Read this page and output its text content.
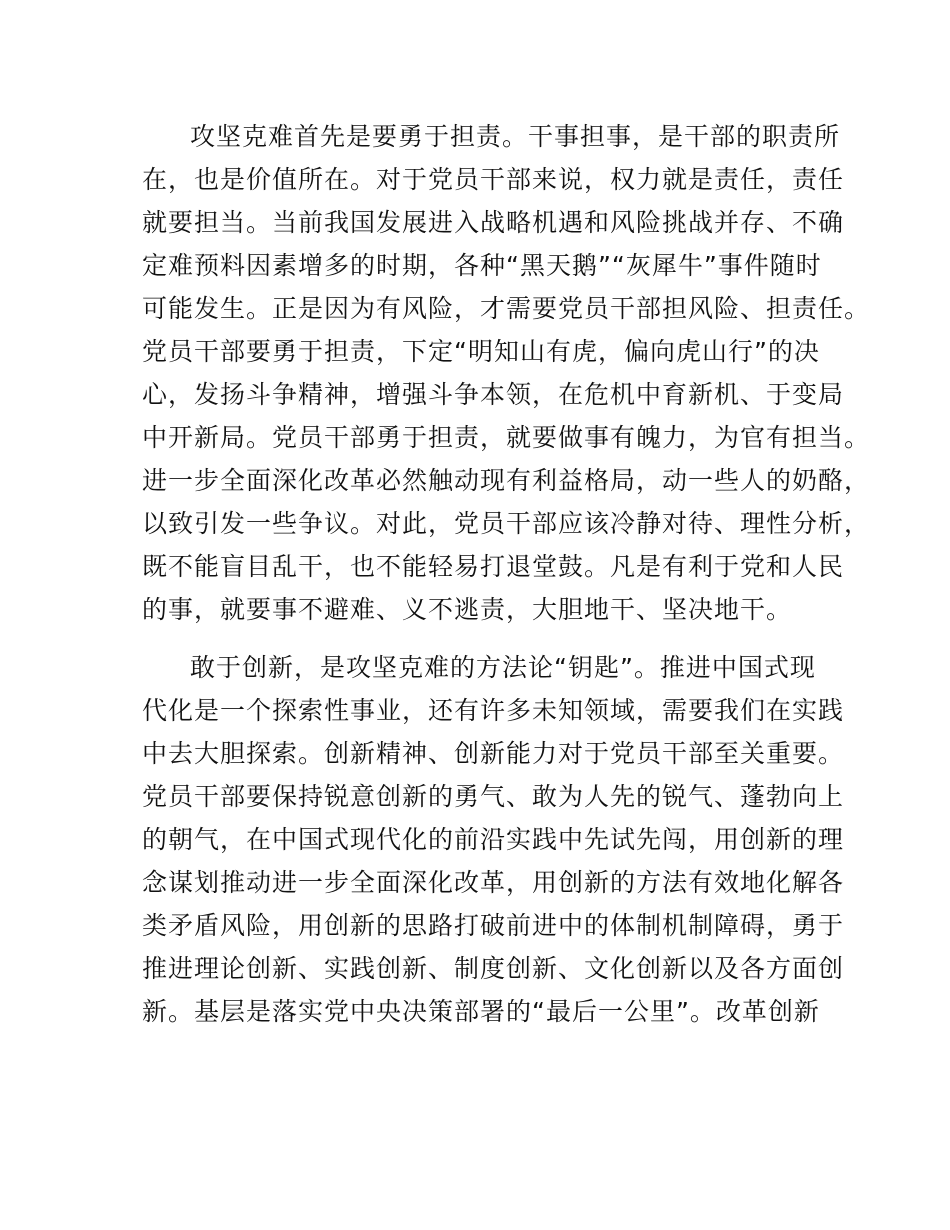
攻坚克难首先是要勇于担责。干事担事，是干部的职责所
在，也是价值所在。对于党员干部来说，权力就是责任，责任
就要担当。当前我国发展进入战略机遇和风险挑战并存、不确
定难预料因素增多的时期，各种“黑天鹅”“灰犀牛”事件随时
可能发生。正是因为有风险，才需要党员干部担风险、担责任。
党员干部要勇于担责，下定“明知山有虎，偏向虎山行”的决
心，发扬斗争精神，增强斗争本领，在危机中育新机、于变局
中开新局。党员干部勇于担责，就要做事有魄力，为官有担当。
进一步全面深化改革必然触动现有利益格局，动一些人的奶酪，
以致引发一些争议。对此，党员干部应该冷静对待、理性分析，
既不能盲目乱干，也不能轻易打退堂鼓。凡是有利于党和人民
的事，就要事不避难、义不逃责，大胆地干、坚决地干。
敢于创新，是攻坚克难的方法论“钥匙”。推进中国式现
代化是一个探索性事业，还有许多未知领域，需要我们在实践
中去大胆探索。创新精神、创新能力对于党员干部至关重要。
党员干部要保持锐意创新的勇气、敢为人先的锐气、蓬勃向上
的朝气，在中国式现代化的前沿实践中先试先闯，用创新的理
念谋划推动进一步全面深化改革，用创新的方法有效地化解各
类矛盾风险，用创新的思路打破前进中的体制机制障碍，勇于
推进理论创新、实践创新、制度创新、文化创新以及各方面创
新。基层是落实党中央决策部署的“最后一公里”。改革创新
